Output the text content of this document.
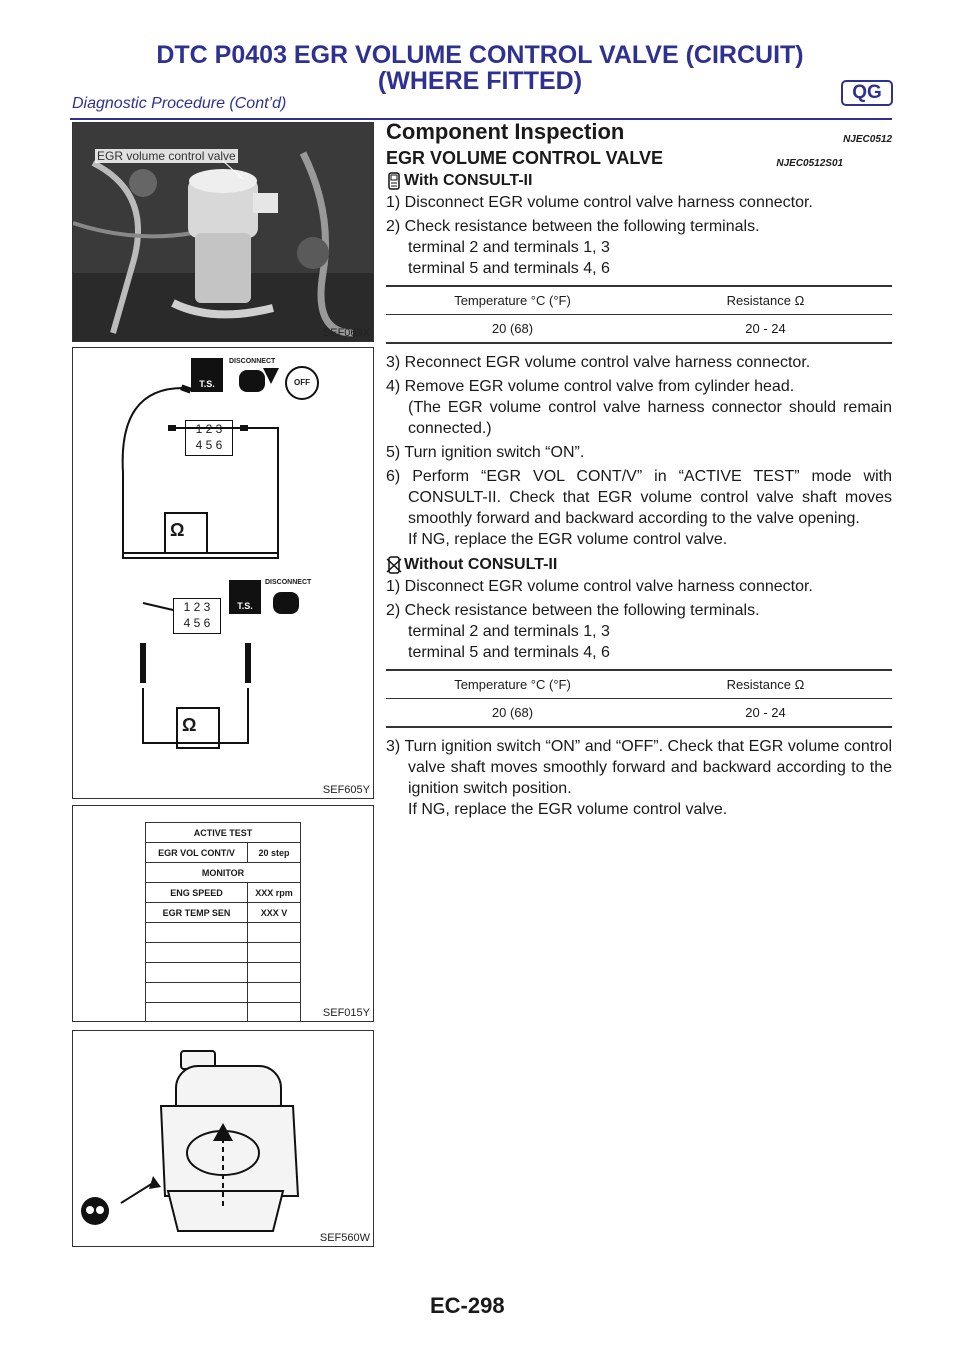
DTC P0403 EGR VOLUME CONTROL VALVE (CIRCUIT)
(WHERE FITTED)	QG
Diagnostic Procedure (Cont’d)
EGR volume control valve
SEF069X
1 2 3
4 5 6
T.S.
DISCONNECT
OFF
Ω
1 2 3
4 5 6
T.S.
DISCONNECT
Ω
SEF605Y
ACTIVE TEST	
EGR VOL CONT/V	20 step
MONITOR	
ENG SPEED	XXX rpm
EGR TEMP SEN	XXX V

SEF015Y
SEF560W
Component Inspection	NJEC0512
EGR VOLUME CONTROL VALVE	NJEC0512S01
With CONSULT-II

1) Disconnect EGR volume control valve harness connector.

2) Check resistance between the following terminals.
terminal 2 and terminals 1, 3
terminal 5 and terminals 4, 6

Temperature °C (°F)	Resistance Ω
20 (68)	20 - 24

3) Reconnect EGR volume control valve harness connector.

4) Remove EGR volume control valve from cylinder head.
(The EGR volume control valve harness connector should remain connected.)

5) Turn ignition switch “ON”.

6) Perform “EGR VOL CONT/V” in “ACTIVE TEST” mode with CONSULT-II. Check that EGR volume control valve shaft moves smoothly forward and backward according to the valve opening.
If NG, replace the EGR volume control valve.

Without CONSULT-II

1) Disconnect EGR volume control valve harness connector.

2) Check resistance between the following terminals.
terminal 2 and terminals 1, 3
terminal 5 and terminals 4, 6

Temperature °C (°F)	Resistance Ω
20 (68)	20 - 24

3) Turn ignition switch “ON” and “OFF”. Check that EGR volume control valve shaft moves smoothly forward and backward according to the ignition switch position.
If NG, replace the EGR volume control valve.

EC-298
